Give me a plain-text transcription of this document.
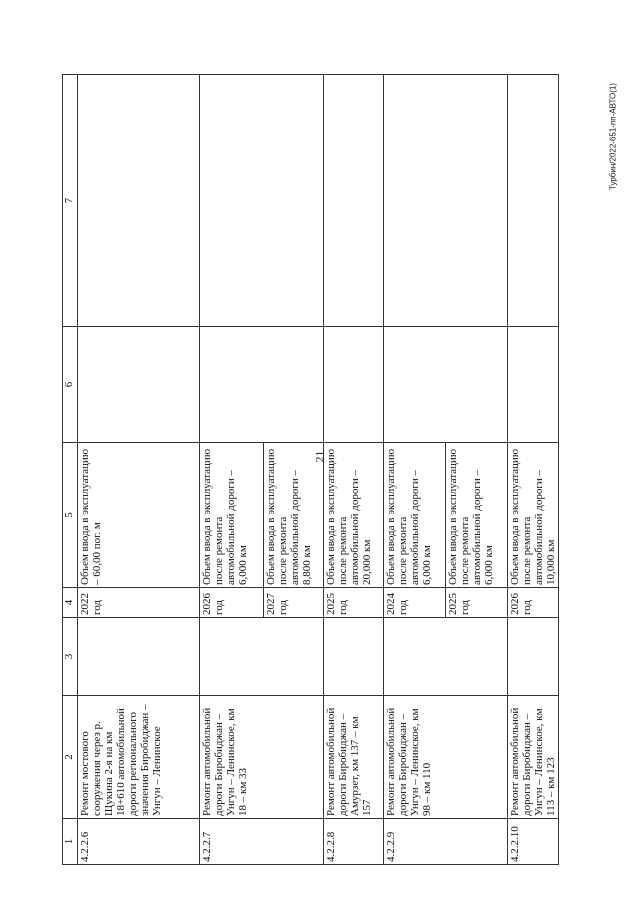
21
Турбин/2022-651-пп-АВТО(1)
1	2	3	4	5	6	7
4.2.2.6	Ремонт мостового сооружения через р. Щукина 2-я на км 18+610 автомобильной дороги регионального значения Биробиджан – Унгун – Ленинское		2022 год	Объем ввода в эксплуатацию – 60,00 пог. м		
4.2.2.7	Ремонт автомобильной дороги Биробиджан – Унгун – Ленинское, км 18 – км 33		2026 год	Объем ввода в эксплуатацию после ремонта автомобильной дороги – 6,000 км		
			2027 год	Объем ввода в эксплуатацию после ремонта автомобильной дороги – 8,800 км		
4.2.2.8	Ремонт автомобильной дороги Биробиджан – Амурзет, км 137 – км 157		2025 год	Объем ввода в эксплуатацию после ремонта автомобильной дороги – 20,000 км		
4.2.2.9	Ремонт автомобильной дороги Биробиджан – Унгун – Ленинское, км 98 – км 110		2024 год	Объем ввода в эксплуатацию после ремонта автомобильной дороги – 6,000 км		
			2025 год	Объем ввода в эксплуатацию после ремонта автомобильной дороги – 6,000 км		
4.2.2.10	Ремонт автомобильной дороги Биробиджан – Унгун – Ленинское, км 113 – км 123		2026 год	Объем ввода в эксплуатацию после ремонта автомобильной дороги – 10,000 км		
